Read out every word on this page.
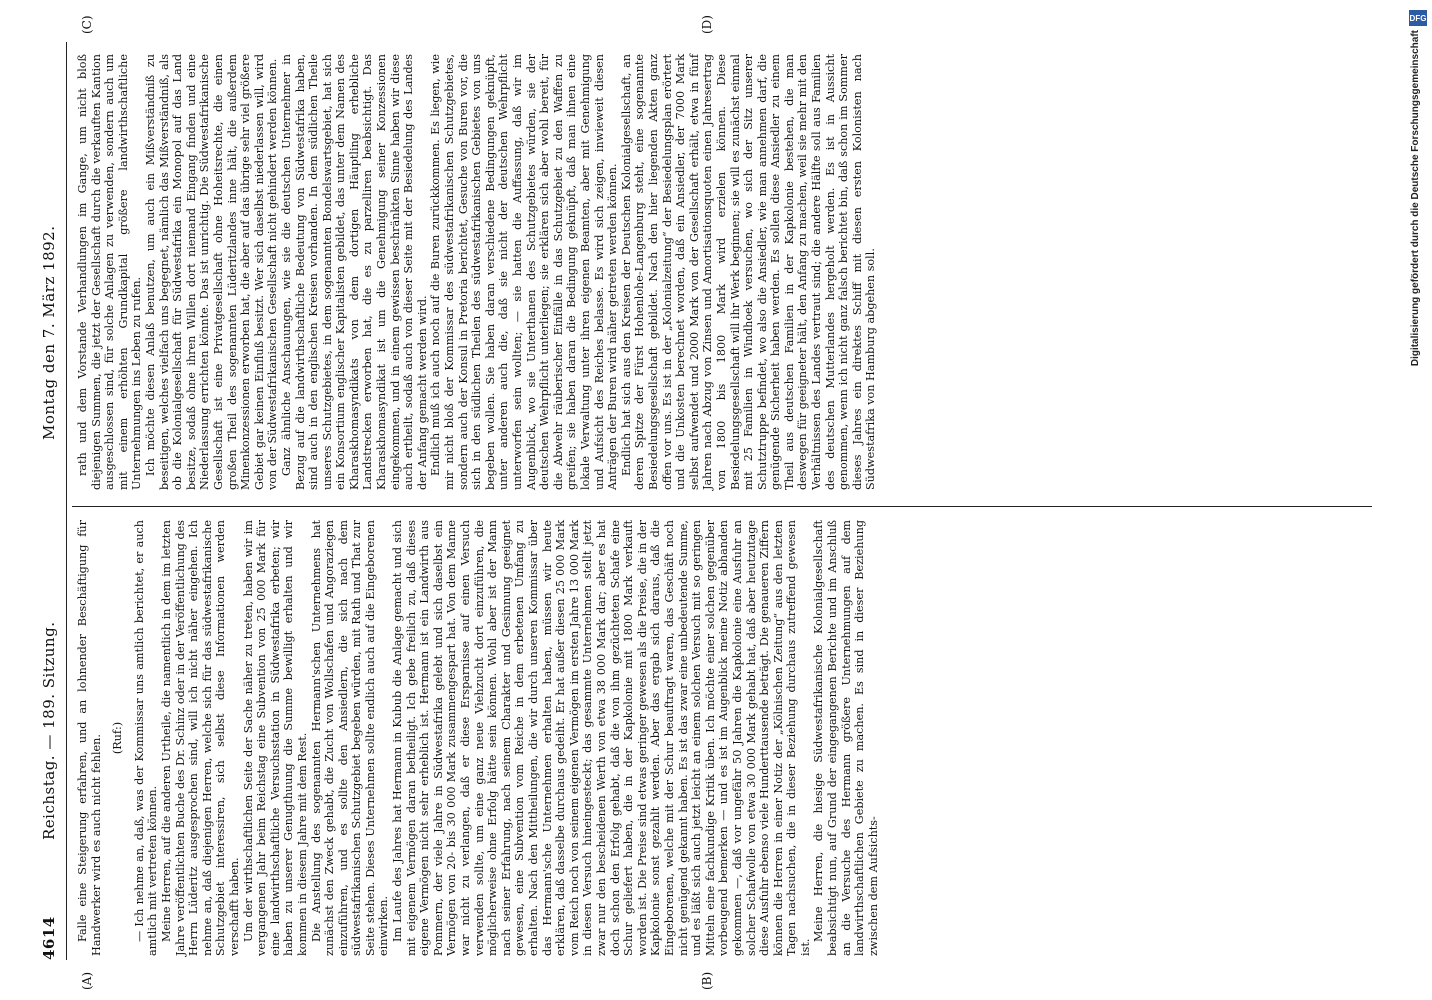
4614
Reichstag. — 189. Sitzung.
Montag den 7. März 1892.
(A)	(B)
(C)	(D)

Falle eine Steigerung erfahren, und an lohnender Beschäftigung für Handwerker wird es auch nicht fehlen. (Ruf:) — Ich nehme an, daß, was der Kommissar uns amtlich berichtet, er auch amtlich mit vertreten können. Meine Herren, auf die anderen Urtheile, die namentlich in dem im letzten Jahre veröffentlichten Buche des Dr. Schinz oder in der Veröffentlichung des Herrn Lüderitz ausgesprochen sind, will ich nicht näher eingehen. Ich nehme an, daß diejenigen Herren, welche sich für das südwestafrikanische Schutzgebiet interessiren, sich selbst diese Informationen werden verschafft haben. Um der wirthschaftlichen Seite der Sache näher zu treten, haben wir im vergangenen Jahr beim Reichstag eine Subvention von 25 000 Mark für eine landwirthschaftliche Versuchsstation in Südwestafrika erbeten; wir haben zu unserer Genugthuung die Summe bewilligt erhalten und wir kommen in diesem Jahre mit dem Rest. Die Anstellung des sogenannten Hermann'schen Unternehmens hat zunächst den Zweck gehabt, die Zucht von Wollschafen und Angoraziegen einzuführen, und es sollte den Ansiedlern, die sich nach dem südwestafrikanischen Schutzgebiet begeben würden, mit Rath und That zur Seite stehen. Dieses Unternehmen sollte endlich auch auf die Eingeborenen einwirken. Im Laufe des Jahres hat Hermann in Kubub die Anlage gemacht und sich mit eigenem Vermögen daran betheiligt. Ich gebe freilich zu, daß dieses eigene Vermögen nicht sehr erheblich ist. Hermann ist ein Landwirth aus Pommern, der viele Jahre in Südwestafrika gelebt und sich daselbst ein Vermögen von 20- bis 30 000 Mark zusammengespart hat. Von dem Manne war nicht zu verlangen, daß er diese Ersparnisse auf einen Versuch verwenden sollte, um eine ganz neue Viehzucht dort einzuführen, die möglicherweise ohne Erfolg hätte sein können. Wohl aber ist der Mann nach seiner Erfahrung, nach seinem Charakter und Gesinnung geeignet gewesen, eine Subvention vom Reiche in dem erbetenen Umfang zu erhalten. Nach den Mittheilungen, die wir durch unseren Kommissar über das Hermann'sche Unternehmen erhalten haben, müssen wir heute erklären, daß dasselbe durchaus gedeiht. Er hat außer diesen 25 000 Mark vom Reich noch von seinem eigenen Vermögen im ersten Jahre 13 000 Mark in diesen Versuch hineingesteckt; das gesammte Unternehmen stellt jetzt zwar nur den bescheidenen Werth von etwa 38 000 Mark dar; aber es hat doch schon den Erfolg gehabt, daß die von ihm gezüchteten Schafe eine Schur geliefert haben, die in der Kapkolonie mit 1800 Mark verkauft worden ist. Die Preise sind etwas geringer gewesen als die Preise, die in der Kapkolonie sonst gezahlt werden. Aber das ergab sich daraus, daß die Eingeborenen, welche mit der Schur beauftragt waren, das Geschäft noch nicht genügend gekannt haben. Es ist das zwar eine unbedeutende Summe, und es läßt sich auch jetzt leicht an einem solchen Versuch mit so geringen Mitteln eine fachkundige Kritik üben. Ich möchte einer solchen gegenüber vorbeugend bemerken — und es ist im Augenblick meine Notiz abhanden gekommen —, daß vor ungefähr 50 Jahren die Kapkolonie eine Ausfuhr an solcher Schafwolle von etwa 30 000 Mark gehabt hat, daß aber heutzutage diese Ausfuhr ebenso viele Hunderttausende beträgt. Die genaueren Ziffern können die Herren in einer Notiz der „Kölnischen Zeitung“ aus den letzten Tagen nachsuchen, die in dieser Beziehung durchaus zutreffend gewesen ist.

Meine Herren, die hiesige Südwestafrikanische Kolonialgesellschaft beabsichtigt nun, auf Grund der eingegangenen Berichte und im Anschluß an die Versuche des Hermann größere Unternehmungen auf dem landwirthschaftlichen Gebiete zu machen. Es sind in dieser Beziehung zwischen dem Aufsichts-

rath und dem Vorstande Verhandlungen im Gange, um nicht bloß diejenigen Summen, die jetzt der Gesellschaft durch die verkauften Kantion ausgeschlossen sind, für solche Anlagen zu verwenden, sondern auch um mit einem erhöhten Grundkapital größere landwirthschaftliche Unternehmungen ins Leben zu rufen. Ich möchte diesen Anlaß benutzen, um auch ein Mißverständniß zu beseitigen, welches vielfach uns begegnet, nämlich das Mißverständniß, als ob die Kolonialgesellschaft für Südwestafrika ein Monopol auf das Land besitze, sodaß ohne ihren Willen dort niemand Eingang finden und eine Niederlassung errichten könnte. Das ist unrichtig. Die Südwestafrikanische Gesellschaft ist eine Privatgesellschaft ohne Hoheitsrechte, die einen großen Theil des sogenannten Lüderitzlandes inne hält, die außerdem Minenkonzessionen erworben hat, die aber auf das übrige sehr viel größere Gebiet gar keinen Einfluß besitzt. Wer sich daselbst niederlassen will, wird von der Südwestafrikanischen Gesellschaft nicht gehindert werden können. Ganz ähnliche Anschauungen, wie sie die deutschen Unternehmer in Bezug auf die landwirthschaftliche Bedeutung von Südwestafrika haben, sind auch in den englischen Kreisen vorhanden. In dem südlichen Theile unseres Schutzgebietes, in dem sogenannten Bondelswartsgebiet, hat sich ein Konsortium englischer Kapitalisten gebildet, das unter dem Namen des Kharaskhomasyndikats von dem dortigen Häuptling erhebliche Landstrecken erworben hat, die es zu parzelliren beabsichtigt. Das Kharaskhomasyndikat ist um die Genehmigung seiner Konzessionen eingekommen, und in einem gewissen beschränkten Sinne haben wir diese auch ertheilt, sodaß auch von dieser Seite mit der Besiedelung des Landes der Anfang gemacht werden wird. Endlich muß ich auch noch auf die Buren zurückkommen. Es liegen, wie mir nicht bloß der Kommissar des südwestafrikanischen Schutzgebietes, sondern auch der Konsul in Pretoria berichtet, Gesuche von Buren vor, die sich in den südlichen Theilen des südwestafrikanischen Gebietes von uns begeben wollen. Sie haben daran verschiedene Bedingungen geknüpft, unter anderen auch die, daß sie nicht der deutschen Wehrpflicht unterworfen sein wollten; — sie hatten die Auffassung, daß wir im Augenblick, wo sie Unterthanen des Schutzgebietes würden, sie der deutschen Wehrpflicht unterliegen; sie erklären sich aber wohl bereit, für die Abwehr räuberischer Einfälle in das Schutzgebiet zu den Waffen zu greifen; sie haben daran die Bedingung geknüpft, daß man ihnen eine lokale Verwaltung unter ihren eigenen Beamten, aber mit Genehmigung und Aufsicht des Reiches belasse. Es wird sich zeigen, inwieweit diesen Anträgen der Buren wird näher getreten werden können. Endlich hat sich aus den Kreisen der Deutschen Kolonialgesellschaft, an deren Spitze der Fürst Hohenlohe-Langenburg steht, eine sogenannte Besiedelungsgesellschaft gebildet. Nach den hier liegenden Akten ganz offen vor uns. Es ist in der „Kolonialzeitung“ der Besiedelungsplan erörtert und die Unkosten berechnet worden, daß ein Ansiedler, der 7000 Mark selbst aufwendet und 2000 Mark von der Gesellschaft erhält, etwa in fünf Jahren nach Abzug von Zinsen und Amortisationsquoten einen Jahresertrag von 1800 bis 1800 Mark wird erzielen können. Diese Besiedelungsgesellschaft will ihr Werk beginnen; sie will es zunächst einmal mit 25 Familien in Windhoek versuchen, wo sich der Sitz unserer Schutztruppe befindet, wo also die Ansiedler, wie man annehmen darf, die genügende Sicherheit haben werden. Es sollen diese Ansiedler zu einem Theil aus deutschen Familien in der Kapkolonie bestehen, die man deswegen für geeigneter hält, den Anfang zu machen, weil sie mehr mit den Verhältnissen des Landes vertraut sind; die andere Hälfte soll aus Familien des deutschen Mutterlandes hergeholt werden. Es ist in Aussicht genommen, wenn ich nicht ganz falsch berichtet bin, daß schon im Sommer dieses Jahres ein direktes Schiff mit diesen ersten Kolonisten nach Südwestafrika von Hamburg abgehen soll.

DFG
Digitalisierung gefördert durch die Deutsche Forschungsgemeinschaft
